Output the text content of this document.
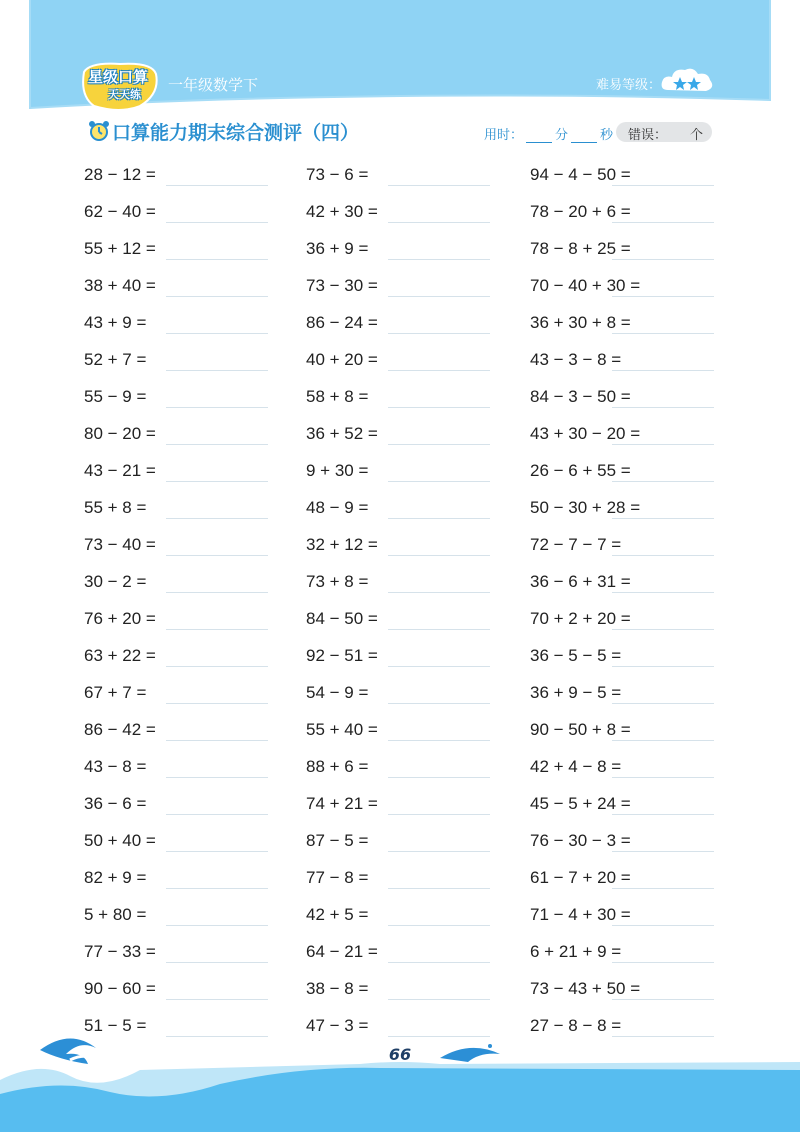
星级口算
天天练
一年级数学下	难易等级：
口算能力期末综合测评（四）	用时： 分 秒 错误： 个
28 − 12 =	73 − 6 =	94 − 4 − 50 =
62 − 40 =	42 + 30 =	78 − 20 + 6 =
55 + 12 =	36 + 9 =	78 − 8 + 25 =
38 + 40 =	73 − 30 =	70 − 40 + 30 =
43 + 9 =	86 − 24 =	36 + 30 + 8 =
52 + 7 =	40 + 20 =	43 − 3 − 8 =
55 − 9 =	58 + 8 =	84 − 3 − 50 =
80 − 20 =	36 + 52 =	43 + 30 − 20 =
43 − 21 =	9 + 30 =	26 − 6 + 55 =
55 + 8 =	48 − 9 =	50 − 30 + 28 =
73 − 40 =	32 + 12 =	72 − 7 − 7 =
30 − 2 =	73 + 8 =	36 − 6 + 31 =
76 + 20 =	84 − 50 =	70 + 2 + 20 =
63 + 22 =	92 − 51 =	36 − 5 − 5 =
67 + 7 =	54 − 9 =	36 + 9 − 5 =
86 − 42 =	55 + 40 =	90 − 50 + 8 =
43 − 8 =	88 + 6 =	42 + 4 − 8 =
36 − 6 =	74 + 21 =	45 − 5 + 24 =
50 + 40 =	87 − 5 =	76 − 30 − 3 =
82 + 9 =	77 − 8 =	61 − 7 + 20 =
5 + 80 =	42 + 5 =	71 − 4 + 30 =
77 − 33 =	64 − 21 =	6 + 21 + 9 =
90 − 60 =	38 − 8 =	73 − 43 + 50 =
51 − 5 =	47 − 3 =	27 − 8 − 8 =
66
